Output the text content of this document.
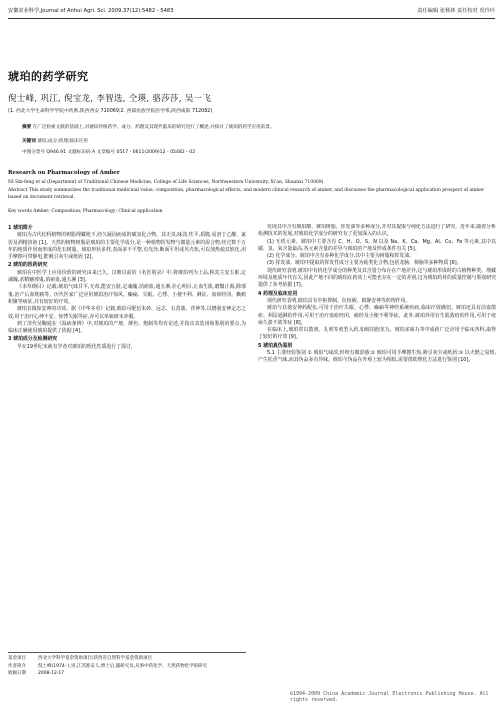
安徽农业科学,Journal of Anhui Agri. Sci. 2009,37(12):5482 - 5483	责任编辑 张杨林 责任校对 况玲玲
琥珀的药学研究
倪士峰, 巩江, 倪宝龙, 李智选, 仝瑛, 骆莎莎, 吴一飞
(1. 西北大学生命科学学院中药系,陕西西安 710069;2. 西部民族学院医学系,陕西咸阳 712082)
摘要 在广泛检索文献的基础上,对琥珀传统药学、成分、药理及其现代临床的研究进行了概述,并探讨了琥珀的药学应用前景。
关键词 琥珀;成分;药理;临床应用
中图分类号 Q946.91 文献标识码 A 文章编号 0517 - 6611(2009)12 - 05482 - 02
Research on Pharmacology of Amber
NI Shi-feng et al (Department of Traditional Chinese Medicine, College of Life Sciences, Northwestern University, Xi'an, Shaanxi 710069)
Abstract This study summarizes the traditional medicinal value, composition, pharmacological effects, and modern clinical research of amber, and discusses the pharmacological application prospect of amber based on document retrieval.
Key words Amber; Composition; Pharmacology; Clinical application
1 琥珀简介
琥珀为古代松科植物的树脂埋藏地下,经久凝固而成的碳氢化合物。其无臭,味淡,性平,质脆,易溶于乙醚、氯仿及酒精溶液 [1]。天然的植物树脂是琥珀的主要化学成分,是一种植物挥发物与微量元素的混合物,经过数千万年的地质作用而形成的化石树脂。琥珀形状多样,表面多不平整,有光泽,断面平坦或贝壳状,可以加热使其软化,用手摩擦可带静电,能吸引灰尘或纸屑 [2]。
2 琥珀的医药研究
琥珀在中医学上应用价值的研究由来已久。汉朝以前的《名医别录》中,将琥珀列为上品,称其主安五脏,定魂魄,杀精魅邪鬼,消瘀血,通五淋 [3]。
《本草纲目》记载:琥珀气味甘平,无毒,能安五脏,定魂魄,消瘀血,通五淋,壮心明目,止血生肌,磨翳止渴,除邪鬼,治产后血枕痛等。历代医家广泛应用琥珀治疗惊风、癫痫、失眠、心悸、小便不利、淋证、血瘀经闭、癥瘕积聚等病证,并有较好的疗效。
琥珀有镇惊安神的功效。据《中华本草》记载,琥珀可配伍朱砂、远志、石菖蒲、茯神等,以增强安神定志之效,用于治疗心神不安、惊悸失眠等症,亦可以单味研末冲服。
到了清代吴鞠通在《温病条辨》中,对琥珀的产地、颜色、炮制等均有论述,并指出其选用和鉴别的要点,为临床正确使用琥珀提供了依据 [4]。
3 琥珀成分及检测研究
早在19世纪末就有学者对琥珀的理化性质进行了探讨,
发现其中含有琥珀酸、琥珀树脂、挥发油等多种成分,并对其提取与纯化方法进行了研究。近年来,随着分析检测技术的发展,对琥珀化学成分的研究有了更加深入的认识。
(1) 无机元素。琥珀中主要含有 C、H、O、S、N 以及 Na、K、Ca、Mg、Al、Cu、Fe 等元素,其中以碳、氢、氧含量最高,各元素含量的差异与琥珀的产地及形成条件有关 [5]。
(2) 化学成分。琥珀中含有多种化学成分,其中主要为树脂和挥发油。
(3) 挥发油。琥珀中提取的挥发性成分主要为萜类化合物,包括龙脑、樟脑等多种物质 [6]。
现代研究表明,琥珀中有机化学成分的种类及其含量分布存在产地差异,这与琥珀形成时的古植物种类、埋藏环境及地质年代有关,因此产地不同的琥珀在药效上可能也存在一定的差别,这为琥珀药材的质量控制与鉴别研究提供了参考依据 [7]。
4 药理及临床应用
现代研究表明,琥珀具有中枢抑制、抗惊厥、镇静安神等药理作用。
琥珀与其他安神药配伍,可用于治疗失眠、心悸、癫痫等神经系统疾病,临床疗效确切。琥珀还具有活血散瘀、利尿通淋的作用,可用于治疗血瘀经闭、痛经及小便不利等症。此外,琥珀外用有生肌敛疮的作用,可用于疮疡久溃不敛等症 [8]。
在临床上,琥珀常以散剂、丸剂等剂型入药,如琥珀抱龙丸、琥珀多寐丸等中成药广泛应用于临床各科,取得了较好的疗效 [9]。
5 琥珀真伪鉴别
5.1 主要经验鉴别 ① 琥珀气味淡,轻咬有微涩感;② 琥珀可用手摩擦生热,吸引灰尘或纸屑;③ 以火燃之易熔,产生松香气味,而其伪品多有异味。琥珀与伪品在外观上较为相似,需要借助理化方法进行鉴别 [10]。
基金项目	西北大学科学基金资助项目;陕西省自然科学基金资助项目
作者简介	倪士峰(1974- ),男,江苏淮安人,博士后,副研究员,从事中药化学、天然药物化学的研究
收稿日期	2008-12-17
©1994-2009 China Academic Journal Electronic Publishing House. All rights reserved.
